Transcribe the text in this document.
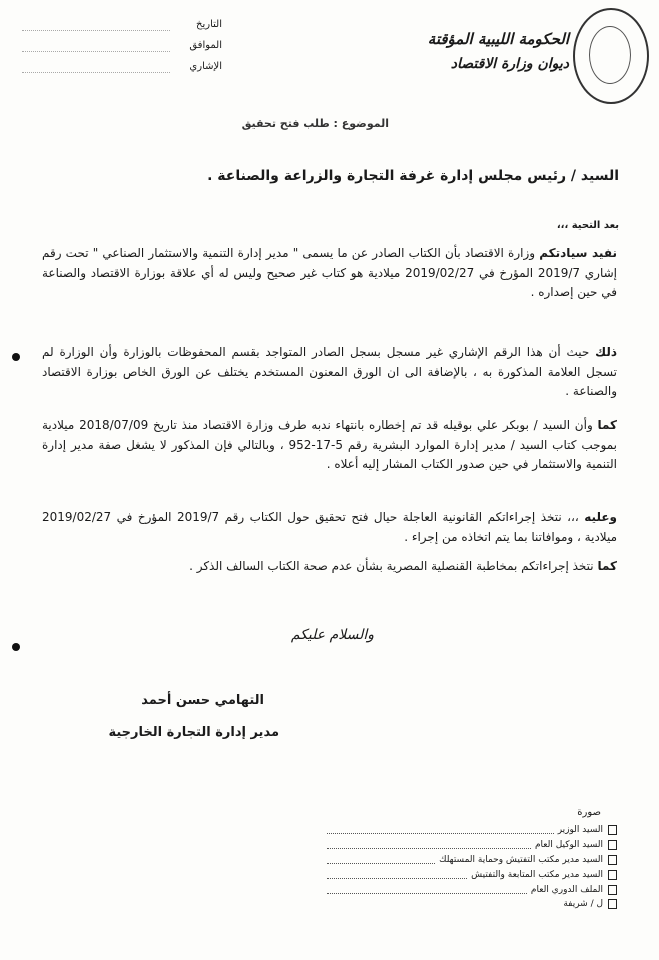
الحكومة الليبية المؤقتة
ديوان وزارة الاقتصاد
التاريخ
الموافق
الإشاري
الموضوع : طلب فتح تحقيق
السيد / رئيس مجلس إدارة غرفة التجارة والزراعة والصناعة .
بعد التحية ،،،
نفيد سيادتكم وزارة الاقتصاد بأن الكتاب الصادر عن ما يسمى " مدير إدارة التنمية والاستثمار الصناعي " تحت رقم إشاري 2019/7 المؤرخ في 2019/02/27 ميلادية هو كتاب غير صحيح وليس له أي علاقة بوزارة الاقتصاد والصناعة في حين إصداره .
ذلك حيث أن هذا الرقم الإشاري غير مسجل بسجل الصادر المتواجد بقسم المحفوظات بالوزارة وأن الوزارة لم تسجل العلامة المذكورة به ، بالإضافة الى ان الورق المعنون المستخدم يختلف عن الورق الخاص بوزارة الاقتصاد والصناعة .
كما وأن السيد / بوبكر علي بوقيله قد تم إخطاره بانتهاء ندبه طرف وزارة الاقتصاد منذ تاريخ 2018/07/09 ميلادية بموجب كتاب السيد / مدير إدارة الموارد البشرية رقم 5-17-952 ، وبالتالي فإن المذكور لا يشغل صفة مدير إدارة التنمية والاستثمار في حين صدور الكتاب المشار إليه أعلاه .
وعليه ،،، نتخذ إجراءاتكم القانونية العاجلة حيال فتح تحقيق حول الكتاب رقم 2019/7 المؤرخ في 2019/02/27 ميلادية ، وموافاتنا بما يتم اتخاذه من إجراء .
كما نتخذ إجراءاتكم بمخاطبة القنصلية المصرية بشأن عدم صحة الكتاب السالف الذكر .
والسلام عليكم
التهامي حسن أحمد
مدير إدارة التجارة الخارجية
صورة
السيد الوزير
السيد الوكيل العام
السيد مدير مكتب التفتيش وحماية المستهلك
السيد مدير مكتب المتابعة والتفتيش
الملف الدوري العام
ل / شريفة
